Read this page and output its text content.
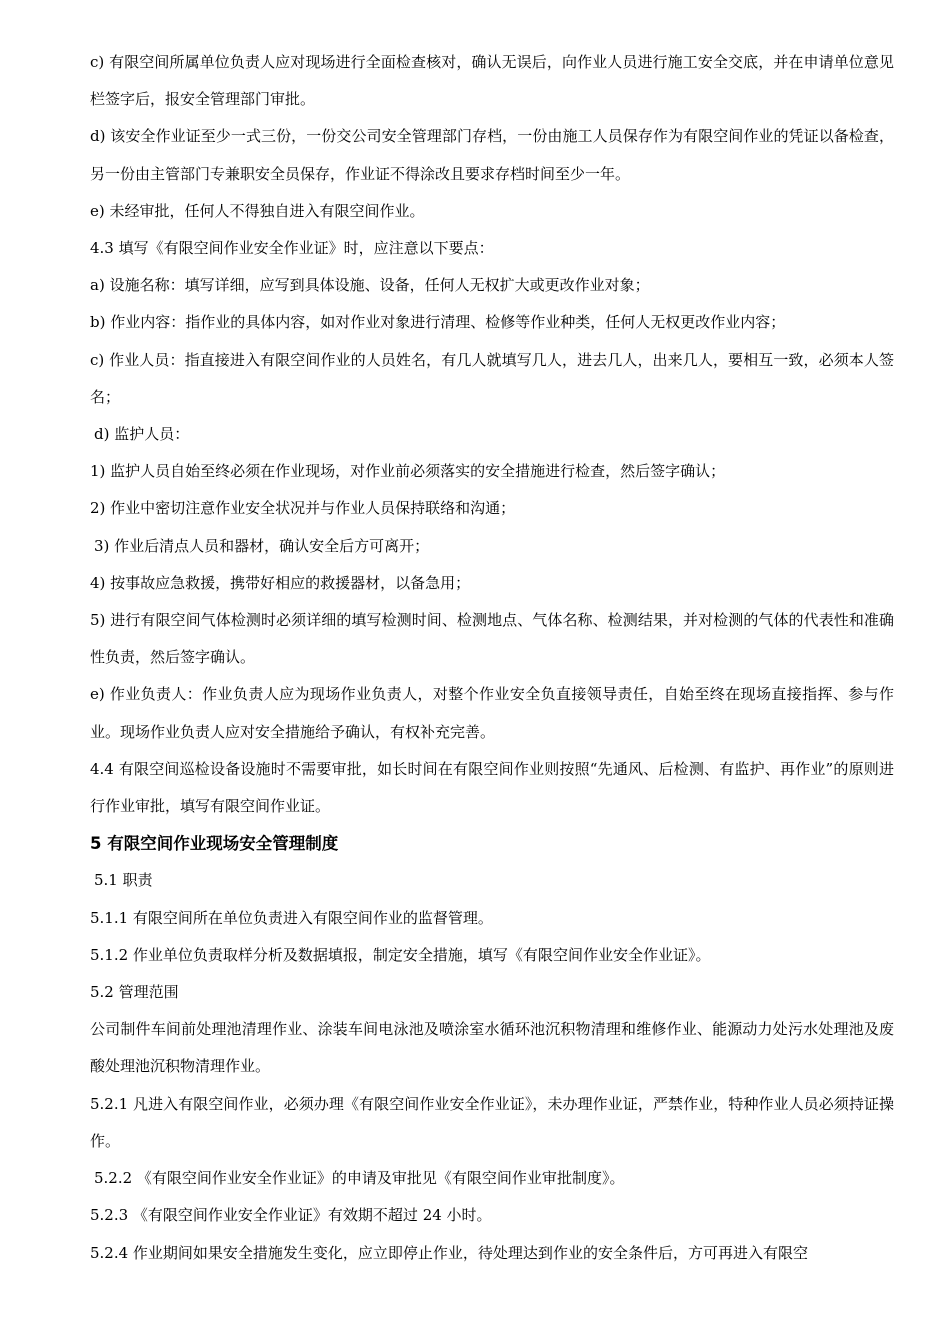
c) 有限空间所属单位负责人应对现场进行全面检查核对，确认无误后，向作业人员进行施工安全交底，并在申请单位意见栏签字后，报安全管理部门审批。

d) 该安全作业证至少一式三份，一份交公司安全管理部门存档，一份由施工人员保存作为有限空间作业的凭证以备检查，另一份由主管部门专兼职安全员保存，作业证不得涂改且要求存档时间至少一年。

e) 未经审批，任何人不得独自进入有限空间作业。

4.3 填写《有限空间作业安全作业证》时，应注意以下要点：

a) 设施名称：填写详细，应写到具体设施、设备，任何人无权扩大或更改作业对象；

b) 作业内容：指作业的具体内容，如对作业对象进行清理、检修等作业种类，任何人无权更改作业内容；

c) 作业人员：指直接进入有限空间作业的人员姓名，有几人就填写几人，进去几人，出来几人，要相互一致，必须本人签名；

d) 监护人员：

1) 监护人员自始至终必须在作业现场，对作业前必须落实的安全措施进行检查，然后签字确认；

2) 作业中密切注意作业安全状况并与作业人员保持联络和沟通；

3) 作业后清点人员和器材，确认安全后方可离开；

4) 按事故应急救援，携带好相应的救援器材，以备急用；

5) 进行有限空间气体检测时必须详细的填写检测时间、检测地点、气体名称、检测结果，并对检测的气体的代表性和准确性负责，然后签字确认。

e) 作业负责人：作业负责人应为现场作业负责人，对整个作业安全负直接领导责任，自始至终在现场直接指挥、参与作业。现场作业负责人应对安全措施给予确认，有权补充完善。

4.4 有限空间巡检设备设施时不需要审批，如长时间在有限空间作业则按照“先通风、后检测、有监护、再作业”的原则进行作业审批，填写有限空间作业证。

5 有限空间作业现场安全管理制度

5.1 职责

5.1.1 有限空间所在单位负责进入有限空间作业的监督管理。

5.1.2 作业单位负责取样分析及数据填报，制定安全措施，填写《有限空间作业安全作业证》。

5.2 管理范围

公司制件车间前处理池清理作业、涂装车间电泳池及喷涂室水循环池沉积物清理和维修作业、能源动力处污水处理池及废酸处理池沉积物清理作业。

5.2.1 凡进入有限空间作业，必须办理《有限空间作业安全作业证》，未办理作业证，严禁作业，特种作业人员必须持证操作。

5.2.2 《有限空间作业安全作业证》的申请及审批见《有限空间作业审批制度》。

5.2.3 《有限空间作业安全作业证》有效期不超过 24 小时。

5.2.4 作业期间如果安全措施发生变化，应立即停止作业，待处理达到作业的安全条件后，方可再进入有限空
